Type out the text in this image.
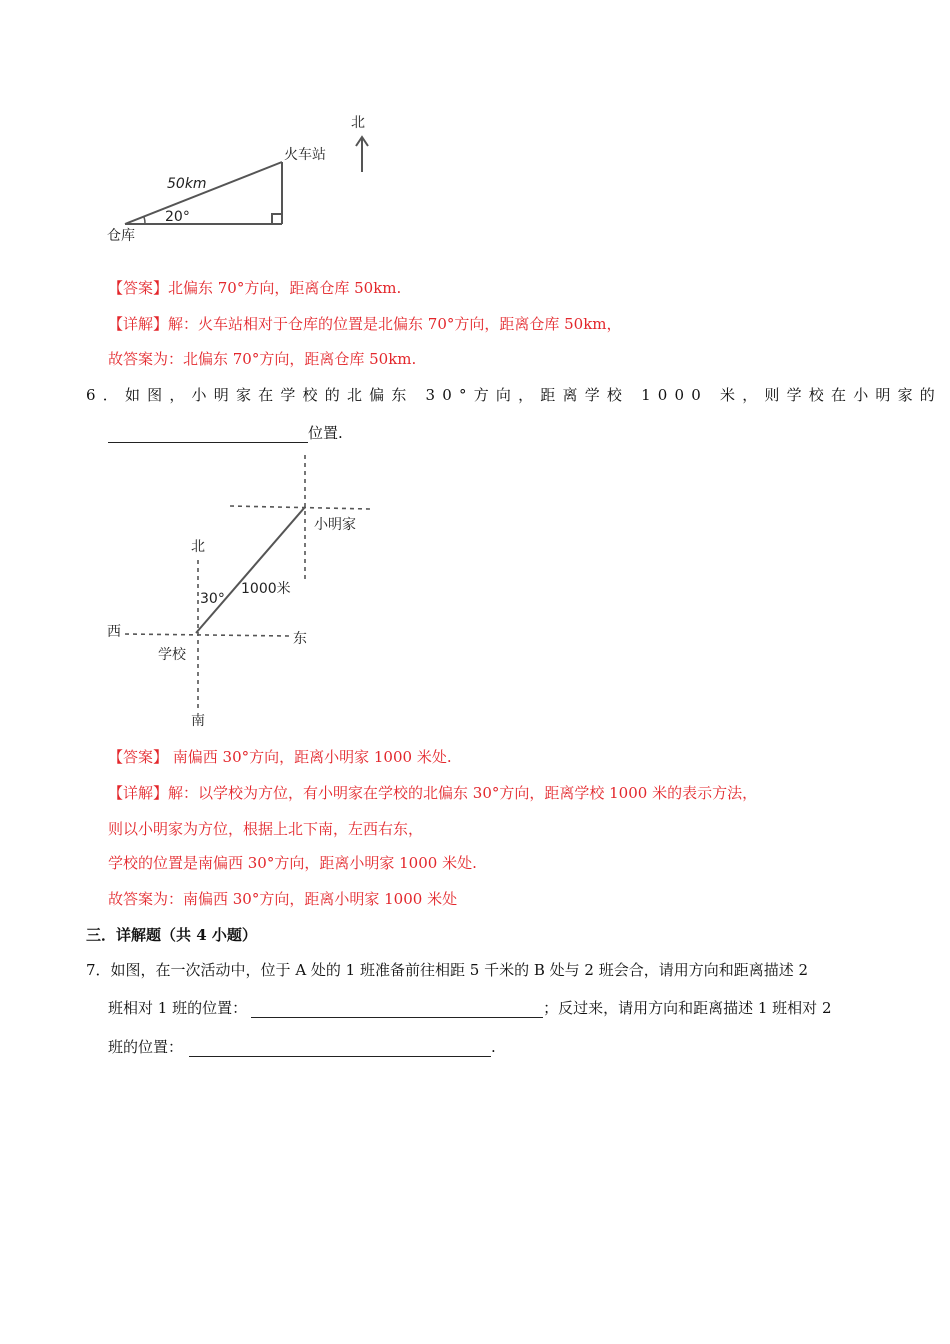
北
火车站
50km
20°
仓库
北
30°
1000米
小明家
西	东
学校
南
【答案】北偏东 70°方向，距离仓库 50km.
【详解】解：火车站相对于仓库的位置是北偏东 70°方向，距离仓库 50km，
故答案为：北偏东 70°方向，距离仓库 50km.
6．如图，小明家在学校的北偏东 30°方向，距离学校 1000 米，则学校在小明家的
位置.
【答案】 南偏西 30°方向，距离小明家 1000 米处.
【详解】解：以学校为方位，有小明家在学校的北偏东 30°方向，距离学校 1000 米的表示方法，
则以小明家为方位，根据上北下南，左西右东，
学校的位置是南偏西 30°方向，距离小明家 1000 米处.
故答案为：南偏西 30°方向，距离小明家 1000 米处
三．详解题（共 4 小题）
7．如图，在一次活动中，位于 A 处的 1 班准备前往相距 5 千米的 B 处与 2 班会合，请用方向和距离描述 2
班相对 1 班的位置：	；反过来，请用方向和距离描述 1 班相对 2
班的位置：	.
